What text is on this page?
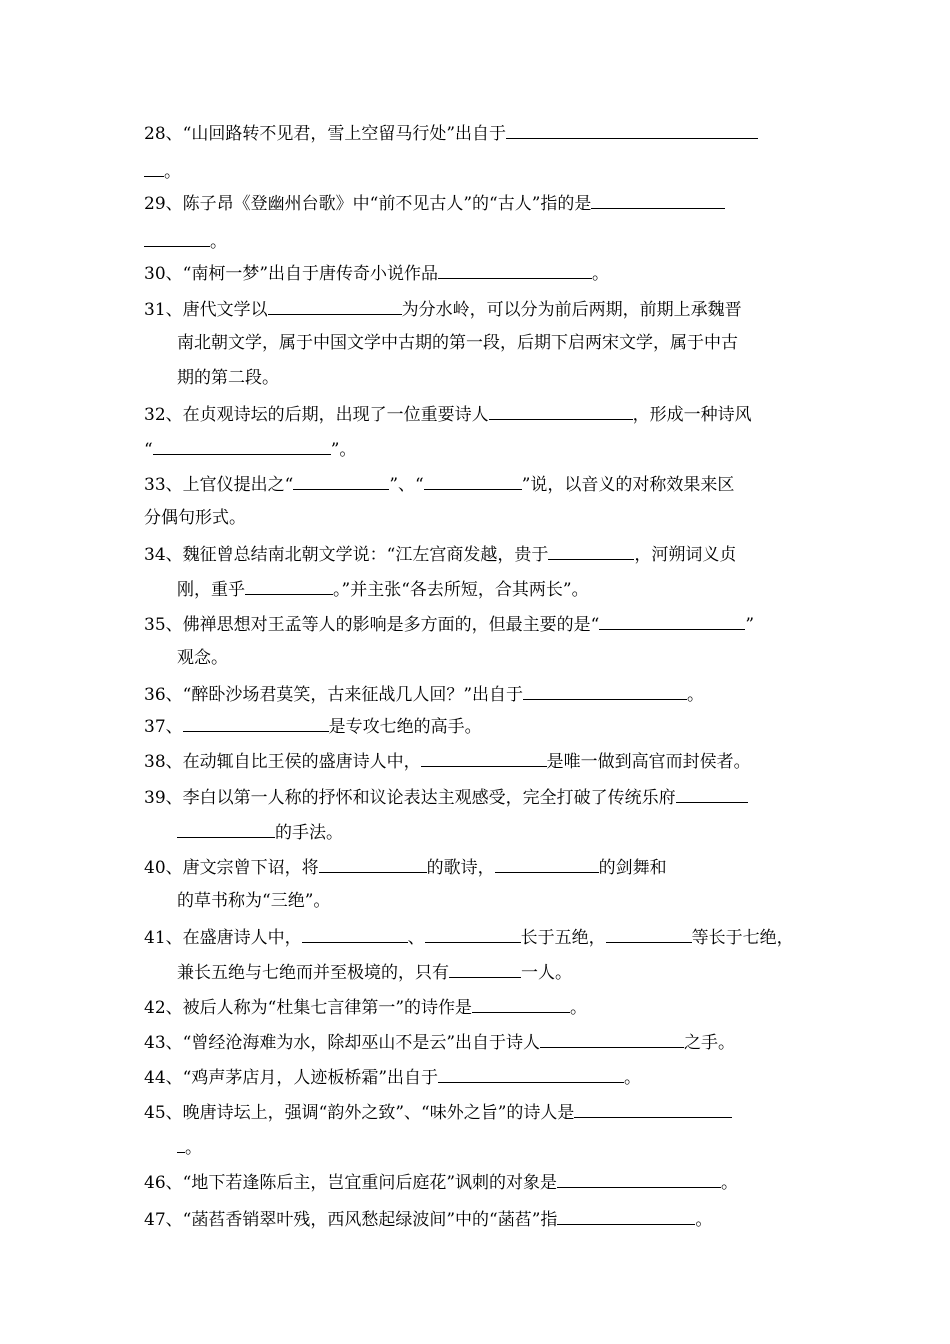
28、“山回路转不见君，雪上空留马行处”出自于
。
29、陈子昂《登幽州台歌》中“前不见古人”的“古人”指的是
。
30、“南柯一梦”出自于唐传奇小说作品	。
31、唐代文学以	为分水岭，可以分为前后两期，前期上承魏晋
南北朝文学，属于中国文学中古期的第一段，后期下启两宋文学，属于中古
期的第二段。
32、在贞观诗坛的后期，出现了一位重要诗人	，形成一种诗风
“	”。
33、上官仪提出之“	”、“	”说，以音义的对称效果来区
分偶句形式。
34、魏征曾总结南北朝文学说：“江左宫商发越，贵于	，河朔词义贞
刚，重乎	。”并主张“各去所短，合其两长”。
35、佛禅思想对王孟等人的影响是多方面的，但最主要的是“	”
观念。
36、“醉卧沙场君莫笑，古来征战几人回？”出自于	。
37、	是专攻七绝的高手。
38、在动辄自比王侯的盛唐诗人中，	是唯一做到高官而封侯者。
39、李白以第一人称的抒怀和议论表达主观感受，完全打破了传统乐府
的手法。
40、唐文宗曾下诏，将	的歌诗，	的剑舞和
的草书称为“三绝”。
41、在盛唐诗人中，	、	长于五绝，	等长于七绝，
兼长五绝与七绝而并至极境的，只有	一人。
42、被后人称为“杜集七言律第一”的诗作是	。
43、“曾经沧海难为水，除却巫山不是云”出自于诗人	之手。
44、“鸡声茅店月，人迹板桥霜”出自于	。
45、晚唐诗坛上，强调“韵外之致”、“味外之旨”的诗人是
。
46、“地下若逢陈后主，岂宜重问后庭花”讽刺的对象是	。
47、“菡萏香销翠叶残，西风愁起绿波间”中的“菡萏”指	。
